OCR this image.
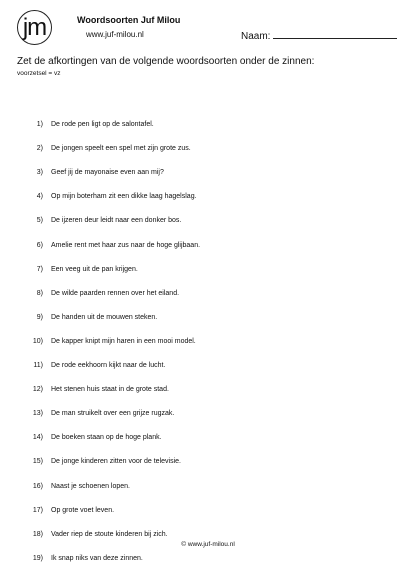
jm	Woordsoorten Juf Milou
www.juf-milou.nl	Naam:
Zet de afkortingen van de volgende woordsoorten onder de zinnen:
voorzetsel = vz
1) De rode pen ligt op de salontafel.
2) De jongen speelt een spel met zijn grote zus.
3) Geef jij de mayonaise even aan mij?
4) Op mijn boterham zit een dikke laag hagelslag.
5) De ijzeren deur leidt naar een donker bos.
6) Amelie rent met haar zus naar de hoge glijbaan.
7) Een veeg uit de pan krijgen.
8) De wilde paarden rennen over het eiland.
9) De handen uit de mouwen steken.
10) De kapper knipt mijn haren in een mooi model.
11) De rode eekhoorn kijkt naar de lucht.
12) Het stenen huis staat in de grote stad.
13) De man struikelt over een grijze rugzak.
14) De boeken staan op de hoge plank.
15) De jonge kinderen zitten voor de televisie.
16) Naast je schoenen lopen.
17) Op grote voet leven.
18) Vader riep de stoute kinderen bij zich.
19) Ik snap niks van deze zinnen.
© www.juf-milou.nl
